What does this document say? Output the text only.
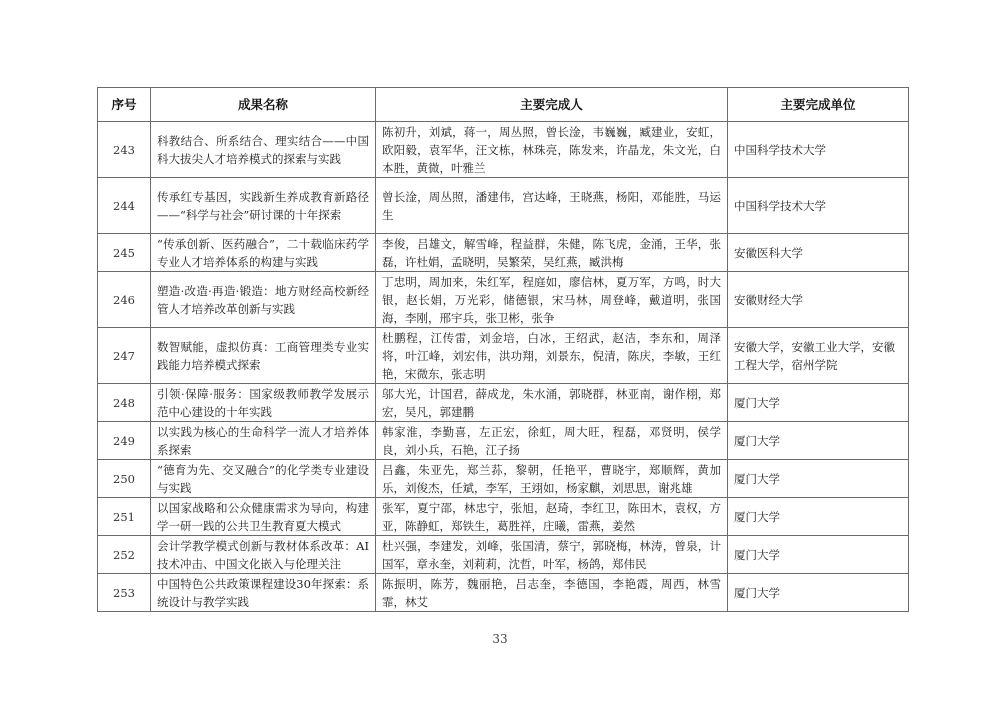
序号	成果名称	主要完成人	主要完成单位
243	科教结合、所系结合、理实结合——中国科大拔尖人才培养模式的探索与实践	陈初升，刘斌，蒋一，周丛照，曾长淦，韦巍巍，臧建业，安虹，欧阳毅，袁军华，汪文栋，林珠亮，陈发来，许晶龙，朱文光，白本胜，黄微，叶雅兰	中国科学技术大学
244	传承红专基因，实践新生养成教育新路径——“科学与社会”研讨课的十年探索	曾长淦，周丛照，潘建伟，宫达峰，王晓燕，杨阳，邓能胜，马运生	中国科学技术大学
245	“传承创新、医药融合”，二十载临床药学专业人才培养体系的构建与实践	李俊，吕雄文，解雪峰，程益群，朱健，陈飞虎，金涌，王华，张磊，许杜娟，孟晓明，吴繁荣，吴红燕，臧洪梅	安徽医科大学
246	塑造·改造·再造·锻造：地方财经高校新经管人才培养改革创新与实践	丁忠明，周加来，朱红军，程庭如，廖信林，夏万军，方鸣，时大银，赵长娟，万光彩，储德银，宋马林，周登峰，戴道明，张国海，李刚，邢宇兵，张卫彬，张争	安徽财经大学
247	数智赋能，虚拟仿真：工商管理类专业实践能力培养模式探索	杜鹏程，江传雷，刘金培，白冰，王绍武，赵洁，李东和，周泽将，叶江峰，刘宏伟，洪功翔，刘景东，倪清，陈庆，李敏，王红艳，宋微东，张志明	安徽大学，安徽工业大学，安徽工程大学，宿州学院
248	引领·保障·服务：国家级教师教学发展示范中心建设的十年实践	邬大光，计国君，薛成龙，朱水涌，郭晓群，林亚南，谢作栩，郑宏，吴凡，郭建鹏	厦门大学
249	以实践为核心的生命科学一流人才培养体系探索	韩家淮，李勤喜，左正宏，徐虹，周大旺，程磊，邓贤明，侯学良，刘小兵，石艳，江子扬	厦门大学
250	“德育为先、交叉融合”的化学类专业建设与实践	吕鑫，朱亚先，郑兰荪，黎朝，任艳平，曹晓宇，郑顺辉，黄加乐，刘俊杰，任斌，李军，王翊如，杨家麒，刘思思，谢兆雄	厦门大学
251	以国家战略和公众健康需求为导向，构建学一研一践的公共卫生教育夏大模式	张军，夏宁邵，林忠宁，张旭，赵琦，李红卫，陈田木，袁权，方亚，陈静虹，郑铁生，葛胜祥，庄曦，雷燕，姜然	厦门大学
252	会计学教学模式创新与教材体系改革：AI技术冲击、中国文化嵌入与伦理关注	杜兴强，李建发，刘峰，张国清，蔡宁，郭晓梅，林涛，曾泉，计国军，章永奎，刘莉莉，沈哲，叶军，杨鸽，郑伟民	厦门大学
253	中国特色公共政策课程建设30年探索：系统设计与教学实践	陈振明，陈芳，魏丽艳，吕志奎，李德国，李艳霞，周西，林雪霏，林艾	厦门大学
33
